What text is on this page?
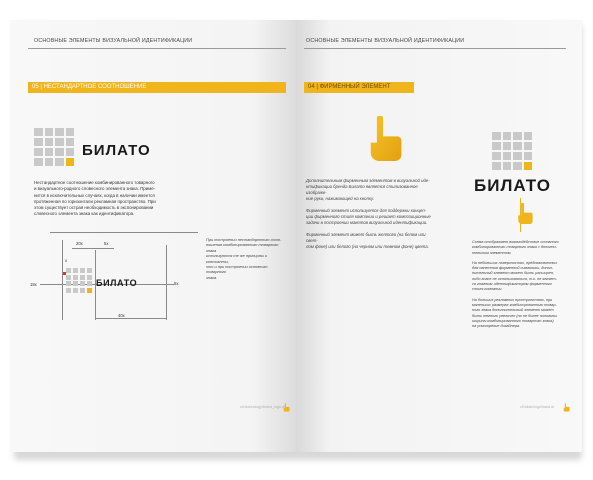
ОСНОВНЫЕ ЭЛЕМЕНТЫ ВИЗУАЛЬНОЙ ИДЕНТИФИКАЦИИ
05 | НЕСТАНДАРТНОЕ СООТНОШЕНИЕ
БИЛАТО
Нестандартное соотношение комбинированного товарного
и визуального-родного словесного элемента знака. Приме-
нится в исключительных случаях, когда в наличии имеется
протяженная по горизонтали рекламная пространство. При
этом существует острая необходимость в экспонировании
словесного элемента знака как идентификатора.
20x	5x
x
18x	5x
40x
БИЛАТО
При построении нестандартного соот-
ношения комбинированного товарного знака
используются те же принципы и константы,
что и при построении основного товарного
знака.
cif.technology/brand_logo.ai
ОСНОВНЫЕ ЭЛЕМЕНТЫ ВИЗУАЛЬНОЙ ИДЕНТИФИКАЦИИ
04 | ФИРМЕННЫЙ ЭЛЕМЕНТ
Дополнительным фирменным элементом в визуальной иде-
нтификации бренда Билато является стилизованное изображе-
ние руки, нажимающей на кнопку.
Фирменный элемент используется для поддержки концеп-
ции фирменного стиля компании и решает композиционные
задачи в построении макетов визуальной идентификации.
Фирменный элемент может быть желтого (на белом или свет-
лом фоне) или белого (на черном или темном фоне) цвета.
БИЛАТО
Схема отображает взаимодействие основного
комбинированного товарного знака с дополни-
тельным элементом.
На небольших поверхностях, предназначенных
для нанесения фирменной символики, допол-
нительный элемент может быть расширен,
либо вовсе не использоваться, т.к. не являет-
ся главным идентификатором фирменного
стиля компании.
На больших рекламных пространствах, при
маленьких размерах комбинированного товар-
ного знака дополнительный элемент может
быть немного увеличен (но не более половины
ширины комбинированного товарного знака)
на усмотрение дизайнера.
cif.bilato/logo/hand.ai
